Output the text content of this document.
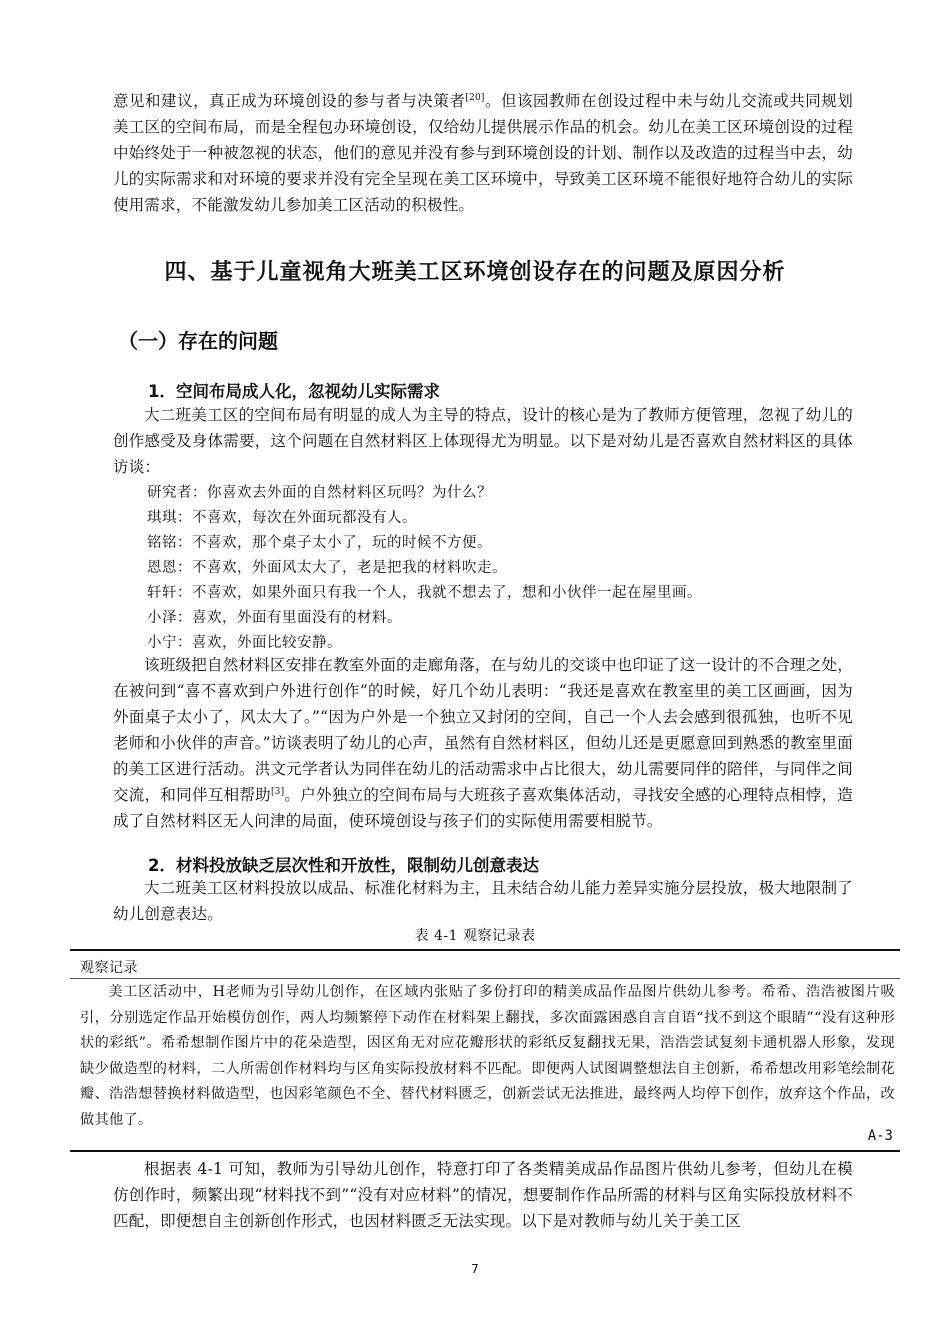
意见和建议，真正成为环境创设的参与者与决策者[20]。但该园教师在创设过程中未与幼儿交流或共同规划美工区的空间布局，而是全程包办环境创设，仅给幼儿提供展示作品的机会。幼儿在美工区环境创设的过程中始终处于一种被忽视的状态，他们的意见并没有参与到环境创设的计划、制作以及改造的过程当中去，幼儿的实际需求和对环境的要求并没有完全呈现在美工区环境中，导致美工区环境不能很好地符合幼儿的实际使用需求，不能激发幼儿参加美工区活动的积极性。
四、基于儿童视角大班美工区环境创设存在的问题及原因分析
（一）存在的问题
1．空间布局成人化，忽视幼儿实际需求
大二班美工区的空间布局有明显的成人为主导的特点，设计的核心是为了教师方便管理，忽视了幼儿的创作感受及身体需要，这个问题在自然材料区上体现得尤为明显。以下是对幼儿是否喜欢自然材料区的具体访谈：
研究者：你喜欢去外面的自然材料区玩吗？为什么？
琪琪：不喜欢，每次在外面玩都没有人。
铭铭：不喜欢，那个桌子太小了，玩的时候不方便。
恩恩：不喜欢，外面风太大了，老是把我的材料吹走。
轩轩：不喜欢，如果外面只有我一个人，我就不想去了，想和小伙伴一起在屋里画。
小泽：喜欢，外面有里面没有的材料。
小宁：喜欢，外面比较安静。
该班级把自然材料区安排在教室外面的走廊角落，在与幼儿的交谈中也印证了这一设计的不合理之处，在被问到“喜不喜欢到户外进行创作”的时候，好几个幼儿表明：“我还是喜欢在教室里的美工区画画，因为外面桌子太小了，风太大了。”“因为户外是一个独立又封闭的空间，自己一个人去会感到很孤独，也听不见老师和小伙伴的声音。”访谈表明了幼儿的心声，虽然有自然材料区，但幼儿还是更愿意回到熟悉的教室里面的美工区进行活动。洪文元学者认为同伴在幼儿的活动需求中占比很大，幼儿需要同伴的陪伴，与同伴之间交流，和同伴互相帮助[3]。户外独立的空间布局与大班孩子喜欢集体活动，寻找安全感的心理特点相悖，造成了自然材料区无人问津的局面，使环境创设与孩子们的实际使用需要相脱节。
2．材料投放缺乏层次性和开放性，限制幼儿创意表达
大二班美工区材料投放以成品、标准化材料为主，且未结合幼儿能力差异实施分层投放，极大地限制了幼儿创意表达。
表 4-1 观察记录表
观察记录
美工区活动中，H老师为引导幼儿创作，在区域内张贴了多份打印的精美成品作品图片供幼儿参考。希希、浩浩被图片吸引，分别选定作品开始模仿创作，两人均频繁停下动作在材料架上翻找，多次面露困惑自言自语“找不到这个眼睛”“没有这种形状的彩纸”。希希想制作图片中的花朵造型，因区角无对应花瓣形状的彩纸反复翻找无果，浩浩尝试复刻卡通机器人形象，发现缺少做造型的材料，二人所需创作材料均与区角实际投放材料不匹配。即便两人试图调整想法自主创新，希希想改用彩笔绘制花瓣、浩浩想替换材料做造型，也因彩笔颜色不全、替代材料匮乏，创新尝试无法推进，最终两人均停下创作，放弃这个作品，改做其他了。
A-3
根据表 4-1 可知，教师为引导幼儿创作，特意打印了各类精美成品作品图片供幼儿参考，但幼儿在模仿创作时，频繁出现“材料找不到”“没有对应材料”的情况，想要制作作品所需的材料与区角实际投放材料不匹配，即便想自主创新创作形式，也因材料匮乏无法实现。以下是对教师与幼儿关于美工区
7
